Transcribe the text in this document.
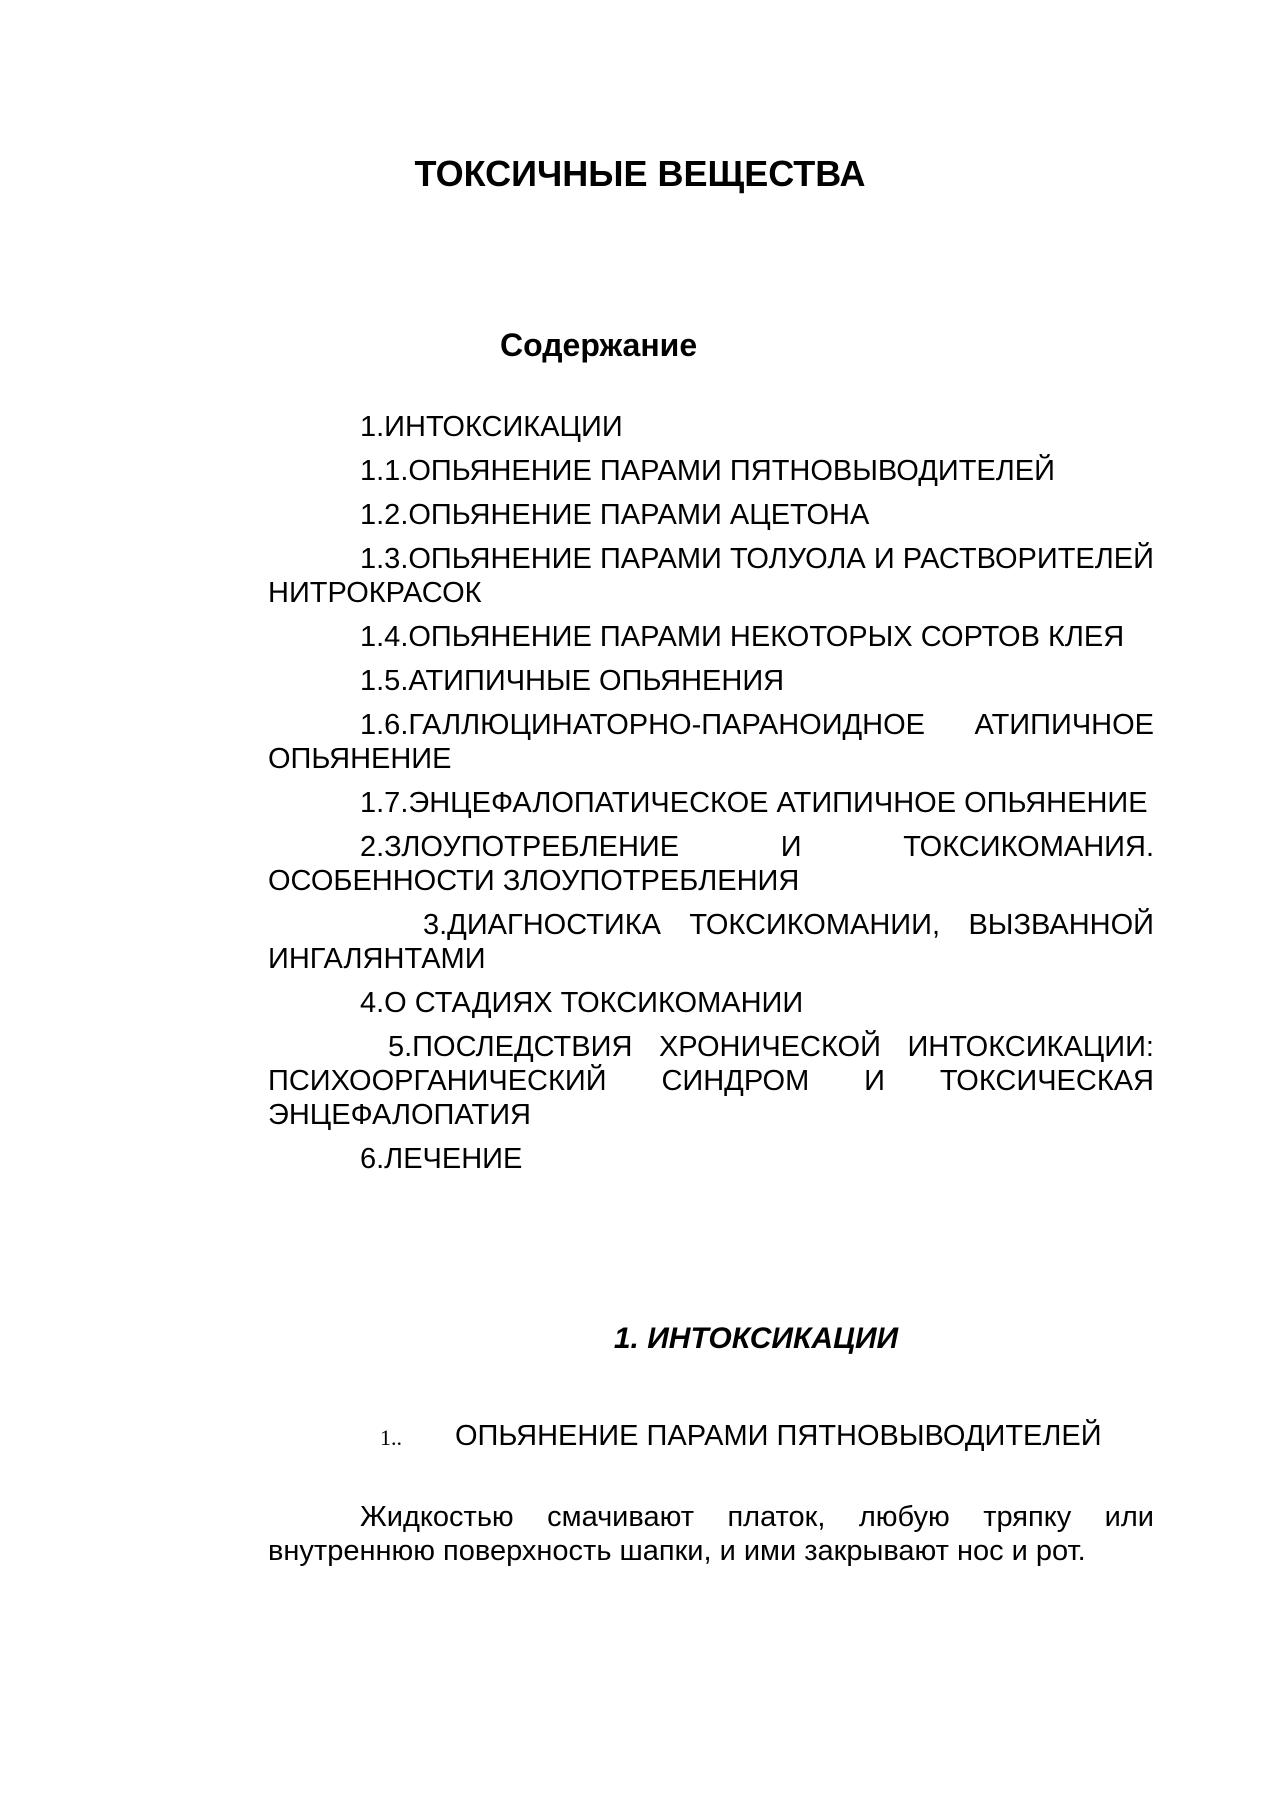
ТОКСИЧНЫЕ ВЕЩЕСТВА
Содержание
1.ИНТОКСИКАЦИИ
1.1.ОПЬЯНЕНИЕ ПАРАМИ ПЯТНОВЫВОДИТЕЛЕЙ
1.2.ОПЬЯНЕНИЕ ПАРАМИ АЦЕТОНА
1.3.ОПЬЯНЕНИЕ ПАРАМИ ТОЛУОЛА И РАСТВОРИТЕЛЕЙ НИТРОКРАСОК
1.4.ОПЬЯНЕНИЕ ПАРАМИ НЕКОТОРЫХ СОРТОВ КЛЕЯ
1.5.АТИПИЧНЫЕ ОПЬЯНЕНИЯ
1.6.ГАЛЛЮЦИНАТОРНО-ПАРАНОИДНОЕ АТИПИЧНОЕ ОПЬЯНЕНИЕ
1.7.ЭНЦЕФАЛОПАТИЧЕСКОЕ АТИПИЧНОЕ ОПЬЯНЕНИЕ
2.ЗЛОУПОТРЕБЛЕНИЕ И ТОКСИКОМАНИЯ. ОСОБЕННОСТИ ЗЛОУПОТРЕБЛЕНИЯ
3.ДИАГНОСТИКА ТОКСИКОМАНИИ, ВЫЗВАННОЙ ИНГАЛЯНТАМИ
4.О СТАДИЯХ ТОКСИКОМАНИИ
5.ПОСЛЕДСТВИЯ ХРОНИЧЕСКОЙ ИНТОКСИКАЦИИ: ПСИХООРГАНИЧЕСКИЙ СИНДРОМ И ТОКСИЧЕСКАЯ ЭНЦЕФАЛОПАТИЯ
6.ЛЕЧЕНИЕ
1. ИНТОКСИКАЦИИ

1.. ОПЬЯНЕНИЕ ПАРАМИ ПЯТНОВЫВОДИТЕЛЕЙ

Жидкостью смачивают платок, любую тряпку или внутреннюю поверхность шапки, и ими закрывают нос и рот.
